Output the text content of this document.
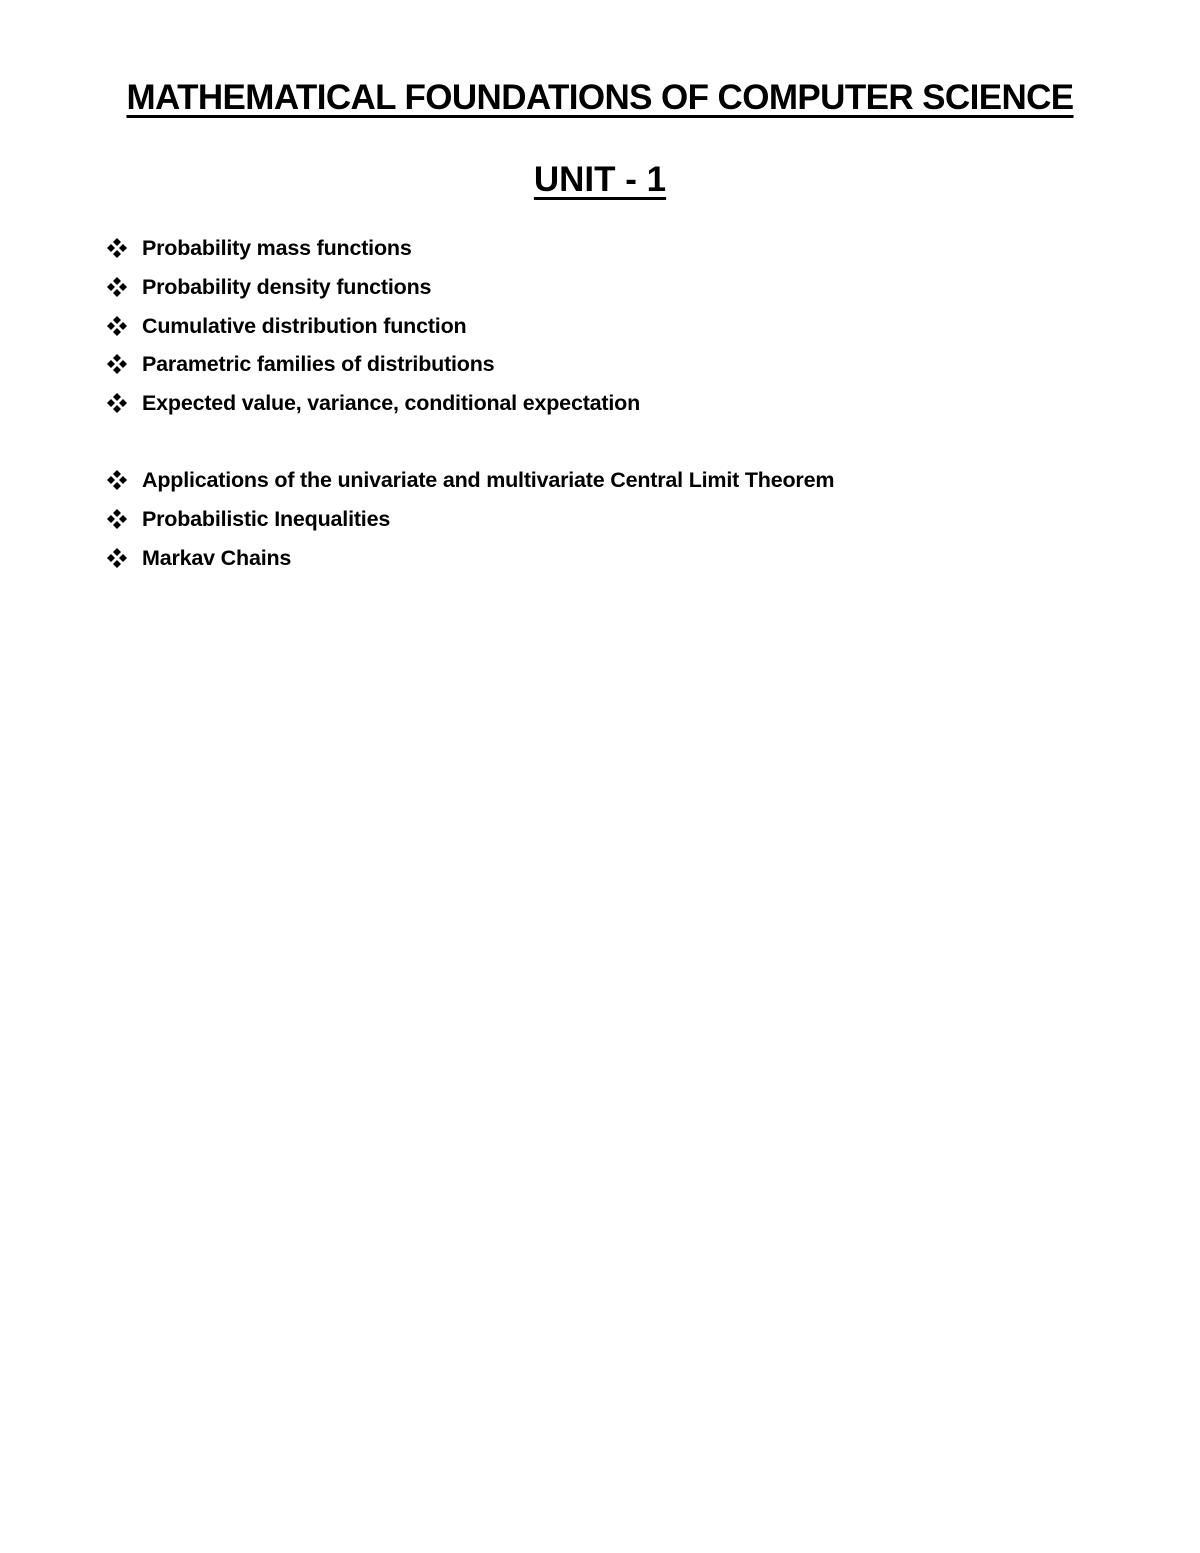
MATHEMATICAL FOUNDATIONS OF COMPUTER SCIENCE
UNIT - 1
Probability mass functions
Probability density functions
Cumulative distribution function
Parametric families of distributions
Expected value, variance, conditional expectation
Applications of the univariate and multivariate Central Limit Theorem
Probabilistic Inequalities
Markav Chains
